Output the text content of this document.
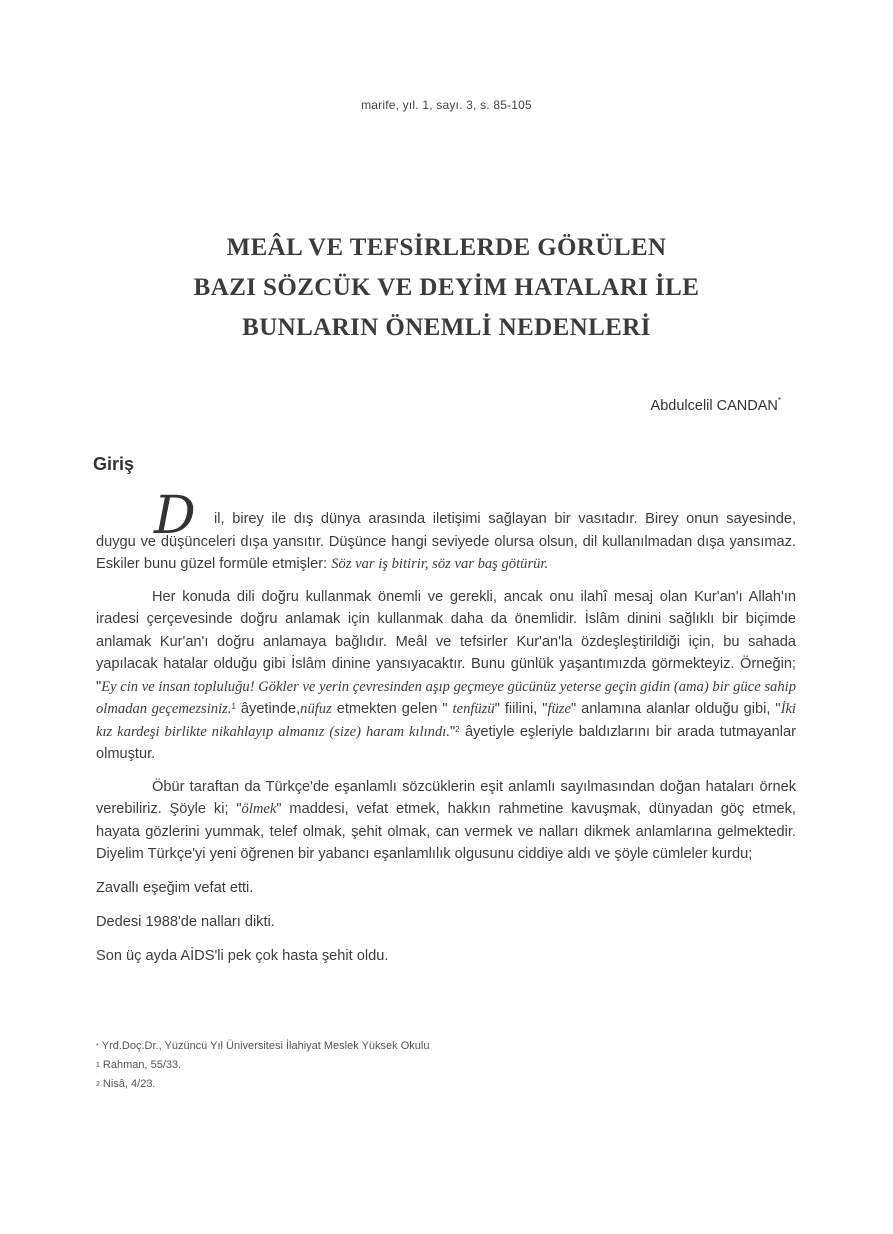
marife, yıl. 1, sayı. 3, s. 85-105
MEÂL VE TEFSİRLERDE GÖRÜLEN
BAZI SÖZCÜK VE DEYİM HATALARI İLE
BUNLARIN ÖNEMLİ NEDENLERİ
Abdulcelil CANDAN*
Giriş

D	il, birey ile dış dünya arasında iletişimi sağlayan bir vasıtadır. Birey onun sayesinde, duygu ve düşünceleri dışa yansıtır. Düşünce hangi seviyede olursa olsun, dil kullanılmadan dışa yansımaz. Eskiler bunu güzel formüle etmişler: Söz var iş bitirir, söz var baş götürür.

Her konuda dili doğru kullanmak önemli ve gerekli, ancak onu ilahî mesaj olan Kur'an'ı Allah'ın iradesi çerçevesinde doğru anlamak için kullanmak daha da önemlidir. İslâm dinini sağlıklı bir biçimde anlamak Kur'an'ı doğru anlamaya bağlıdır. Meâl ve tefsirler Kur'an'la özdeşleştirildiği için, bu sahada yapılacak hatalar olduğu gibi İslâm dinine yansıyacaktır. Bunu günlük yaşantımızda görmekteyiz. Örneğin; "Ey cin ve insan topluluğu! Gökler ve yerin çevresinden aşıp geçmeye gücünüz yeterse geçin gidin (ama) bir güce sahip olmadan geçemezsiniz.$^1$ âyetinde,nüfuz etmekten gelen " tenfüzü" fiilini, "füze" anlamına alanlar olduğu gibi, "İki kız kardeşi birlikte nikahlayıp almanız (size) haram kılındı."$^2$ âyetiyle eşleriyle baldızlarını bir arada tutmayanlar olmuştur.

Öbür taraftan da Türkçe'de eşanlamlı sözcüklerin eşit anlamlı sayılmasından doğan hataları örnek verebiliriz. Şöyle ki; "ölmek" maddesi, vefat etmek, hakkın rahmetine kavuşmak, dünyadan göç etmek, hayata gözlerini yummak, telef olmak, şehit olmak, can vermek ve nalları dikmek anlamlarına gelmektedir. Diyelim Türkçe'yi yeni öğrenen bir yabancı eşanlamlılık olgusunu ciddiye aldı ve şöyle cümleler kurdu;

Zavallı eşeğim vefat etti.

Dedesi 1988'de nalları dikti.

Son üç ayda AİDS'li pek çok hasta şehit oldu.

* Yrd.Doç.Dr., Yüzüncü Yıl Üniversitesi İlahiyat Meslek Yüksek Okulu
$^1$ Rahman, 55/33.
$^2$ Nisâ, 4/23.
